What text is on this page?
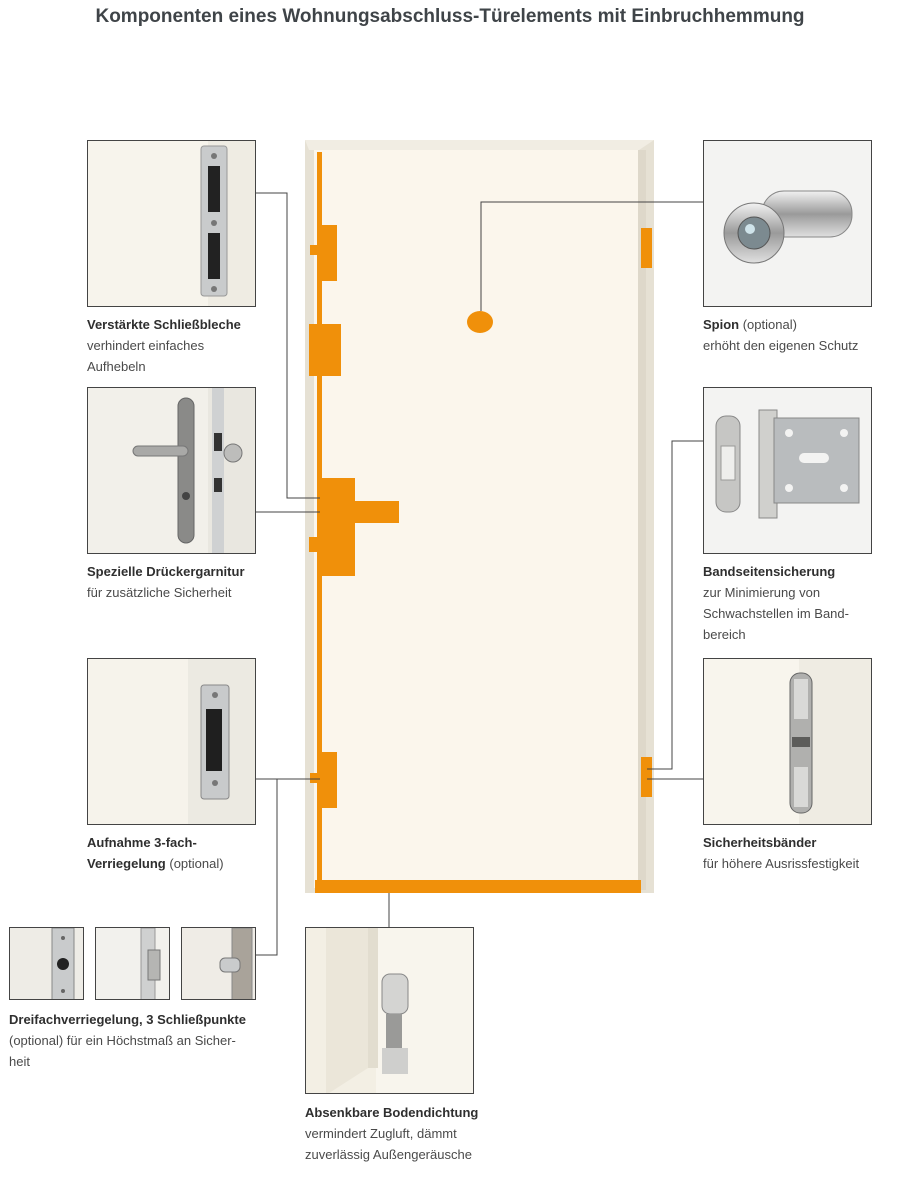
Komponenten eines Wohnungsabschluss-Türelements mit Einbruchhemmung
Verstärkte Schließbleche
verhindert einfaches
Aufhebeln
Spion (optional)
erhöht den eigenen Schutz
Spezielle Drückergarnitur
für zusätzliche Sicherheit
Bandseitensicherung
zur Minimierung von
Schwachstellen im Band-
bereich
Aufnahme 3-fach-
Verriegelung (optional)
Sicherheitsbänder
für höhere Ausrissfestigkeit
Dreifachverriegelung, 3 Schließpunkte
(optional) für ein Höchstmaß an Sicher-
heit
Absenkbare Bodendichtung
vermindert Zugluft, dämmt
zuverlässig Außengeräusche
